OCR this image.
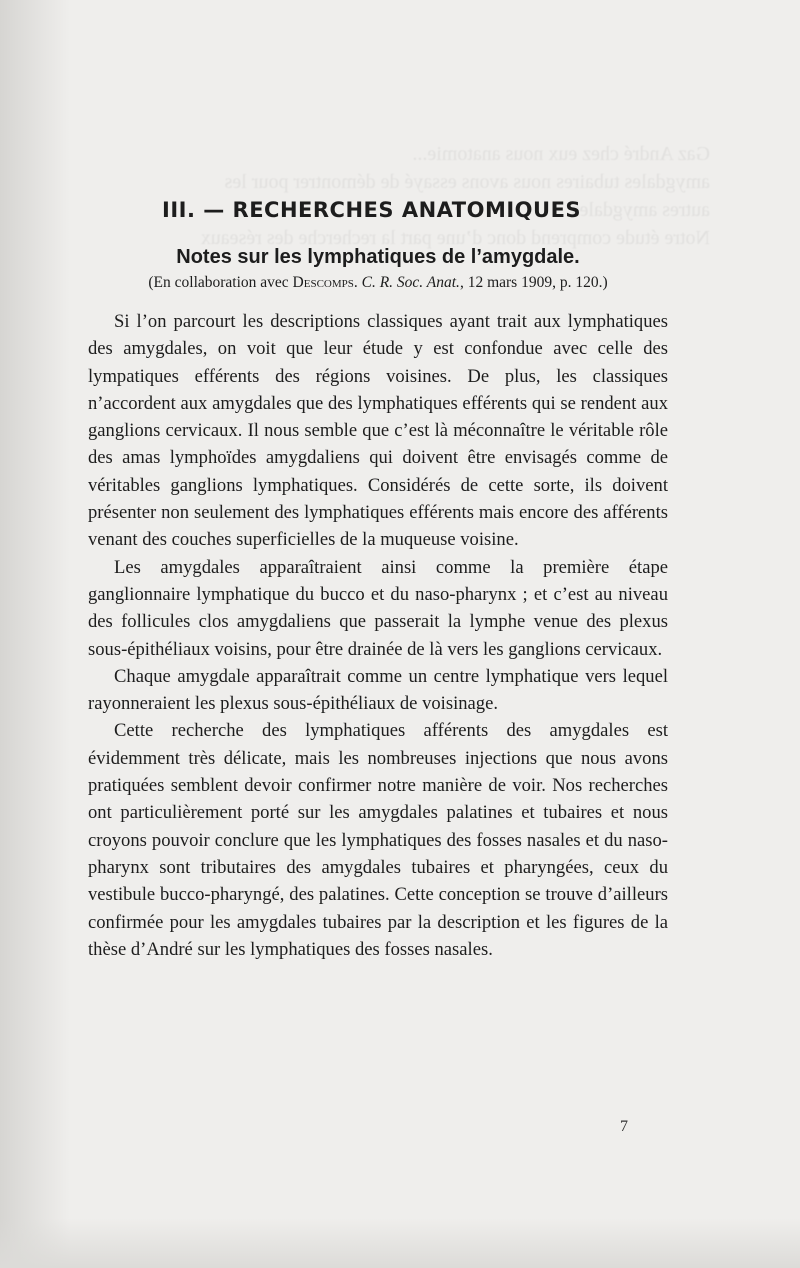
Gaz André chez eux nous anatomie...
amygdales tubaires nous avons essayé de démontrer pour les
autres amygdales.
Notre étude comprend donc d’une part la recherche des réseaux
III. — RECHERCHES ANATOMIQUES
Notes sur les lymphatiques de l’amygdale.
(En collaboration avec Descomps. C. R. Soc. Anat., 12 mars 1909, p. 120.)

Si l’on parcourt les descriptions classiques ayant trait aux lymphatiques des amygdales, on voit que leur étude y est confondue avec celle des lympatiques efférents des régions voisines. De plus, les classiques n’accordent aux amygdales que des lymphatiques efférents qui se rendent aux ganglions cervicaux. Il nous semble que c’est là méconnaître le véritable rôle des amas lymphoïdes amygdaliens qui doivent être envisagés comme de véritables ganglions lymphatiques. Considérés de cette sorte, ils doivent présenter non seulement des lymphatiques efférents mais encore des afférents venant des couches superficielles de la muqueuse voisine.

Les amygdales apparaîtraient ainsi comme la première étape ganglionnaire lymphatique du bucco et du naso-pharynx ; et c’est au niveau des follicules clos amygdaliens que passerait la lymphe venue des plexus sous-épithéliaux voisins, pour être drainée de là vers les ganglions cervicaux.

Chaque amygdale apparaîtrait comme un centre lymphatique vers lequel rayonneraient les plexus sous-épithéliaux de voisinage.

Cette recherche des lymphatiques afférents des amygdales est évidemment très délicate, mais les nombreuses injections que nous avons pratiquées semblent devoir confirmer notre manière de voir. Nos recherches ont particulièrement porté sur les amygdales palatines et tubaires et nous croyons pouvoir conclure que les lymphatiques des fosses nasales et du naso-pharynx sont tributaires des amygdales tubaires et pharyngées, ceux du vestibule bucco-pharyngé, des palatines. Cette conception se trouve d’ailleurs confirmée pour les amygdales tubaires par la description et les figures de la thèse d’André sur les lymphatiques des fosses nasales.

7
